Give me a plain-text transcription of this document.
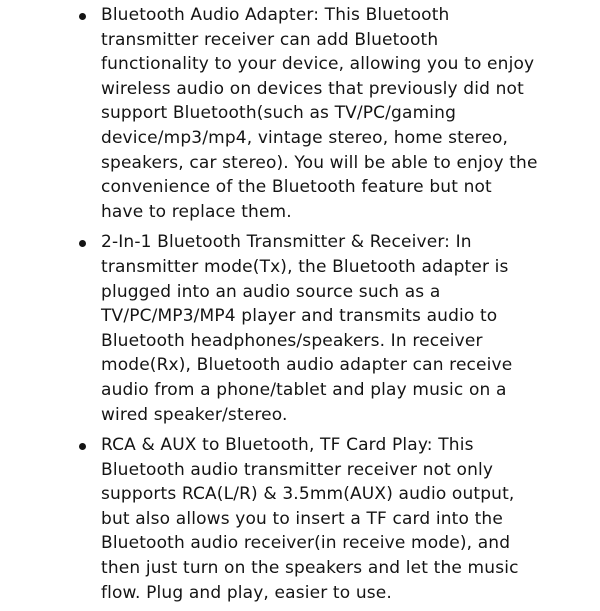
Bluetooth Audio Adapter: This Bluetooth
transmitter receiver can add Bluetooth
functionality to your device, allowing you to enjoy
wireless audio on devices that previously did not
support Bluetooth(such as TV/PC/gaming
device/mp3/mp4, vintage stereo, home stereo,
speakers, car stereo). You will be able to enjoy the
convenience of the Bluetooth feature but not
have to replace them.
2-In-1 Bluetooth Transmitter & Receiver: In
transmitter mode(Tx), the Bluetooth adapter is
plugged into an audio source such as a
TV/PC/MP3/MP4 player and transmits audio to
Bluetooth headphones/speakers. In receiver
mode(Rx), Bluetooth audio adapter can receive
audio from a phone/tablet and play music on a
wired speaker/stereo.
RCA & AUX to Bluetooth, TF Card Play: This
Bluetooth audio transmitter receiver not only
supports RCA(L/R) & 3.5mm(AUX) audio output,
but also allows you to insert a TF card into the
Bluetooth audio receiver(in receive mode), and
then just turn on the speakers and let the music
flow. Plug and play, easier to use.
